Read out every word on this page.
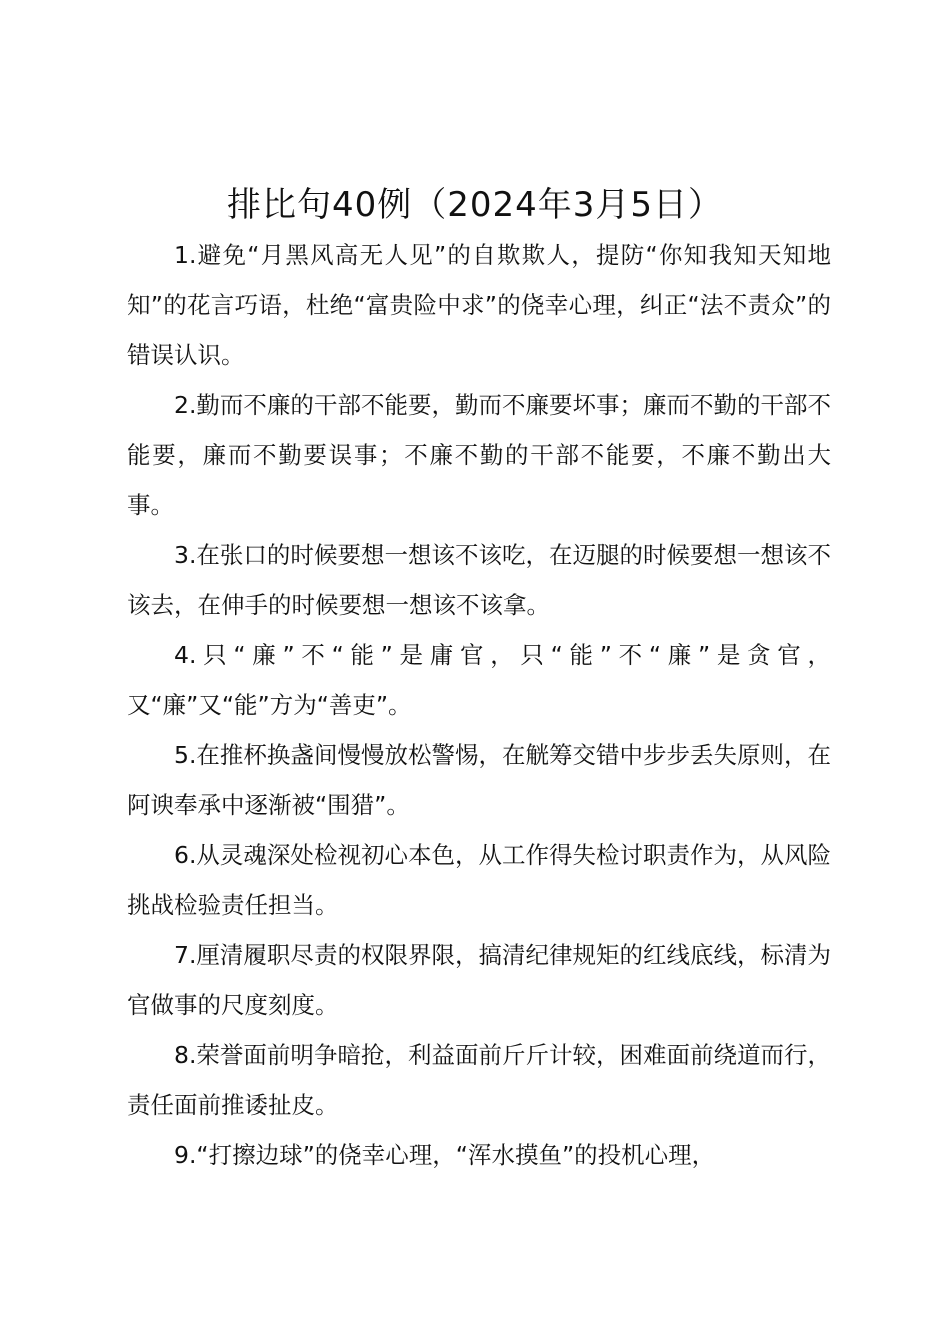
排比句40例（2024年3月5日）

1.避免“月黑风高无人见”的自欺欺人，提防“你知我知天知地知”的花言巧语，杜绝“富贵险中求”的侥幸心理，纠正“法不责众”的错误认识。

2.勤而不廉的干部不能要，勤而不廉要坏事；廉而不勤的干部不能要，廉而不勤要误事；不廉不勤的干部不能要，不廉不勤出大事。

3.在张口的时候要想一想该不该吃，在迈腿的时候要想一想该不该去，在伸手的时候要想一想该不该拿。

4.只“廉”不“能”是庸官，只“能”不“廉”是贪官，又“廉”又“能”方为“善吏”。

5.在推杯换盏间慢慢放松警惕，在觥筹交错中步步丢失原则，在阿谀奉承中逐渐被“围猎”。

6.从灵魂深处检视初心本色，从工作得失检讨职责作为，从风险挑战检验责任担当。

7.厘清履职尽责的权限界限，搞清纪律规矩的红线底线，标清为官做事的尺度刻度。

8.荣誉面前明争暗抢，利益面前斤斤计较，困难面前绕道而行，责任面前推诿扯皮。

9.“打擦边球”的侥幸心理，“浑水摸鱼”的投机心理，
